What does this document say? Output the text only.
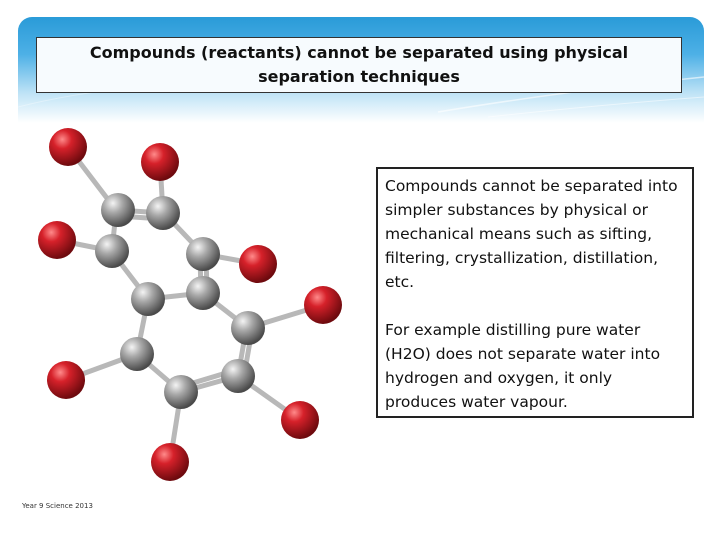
Compounds (reactants) cannot be separated using physical separation techniques

Compounds cannot be separated into simpler substances by physical or mechanical means such as sifting, filtering, crystallization, distillation, etc.

For example distilling pure water (H2O) does not separate water into hydrogen and oxygen, it only produces water vapour.

Year 9 Science 2013
